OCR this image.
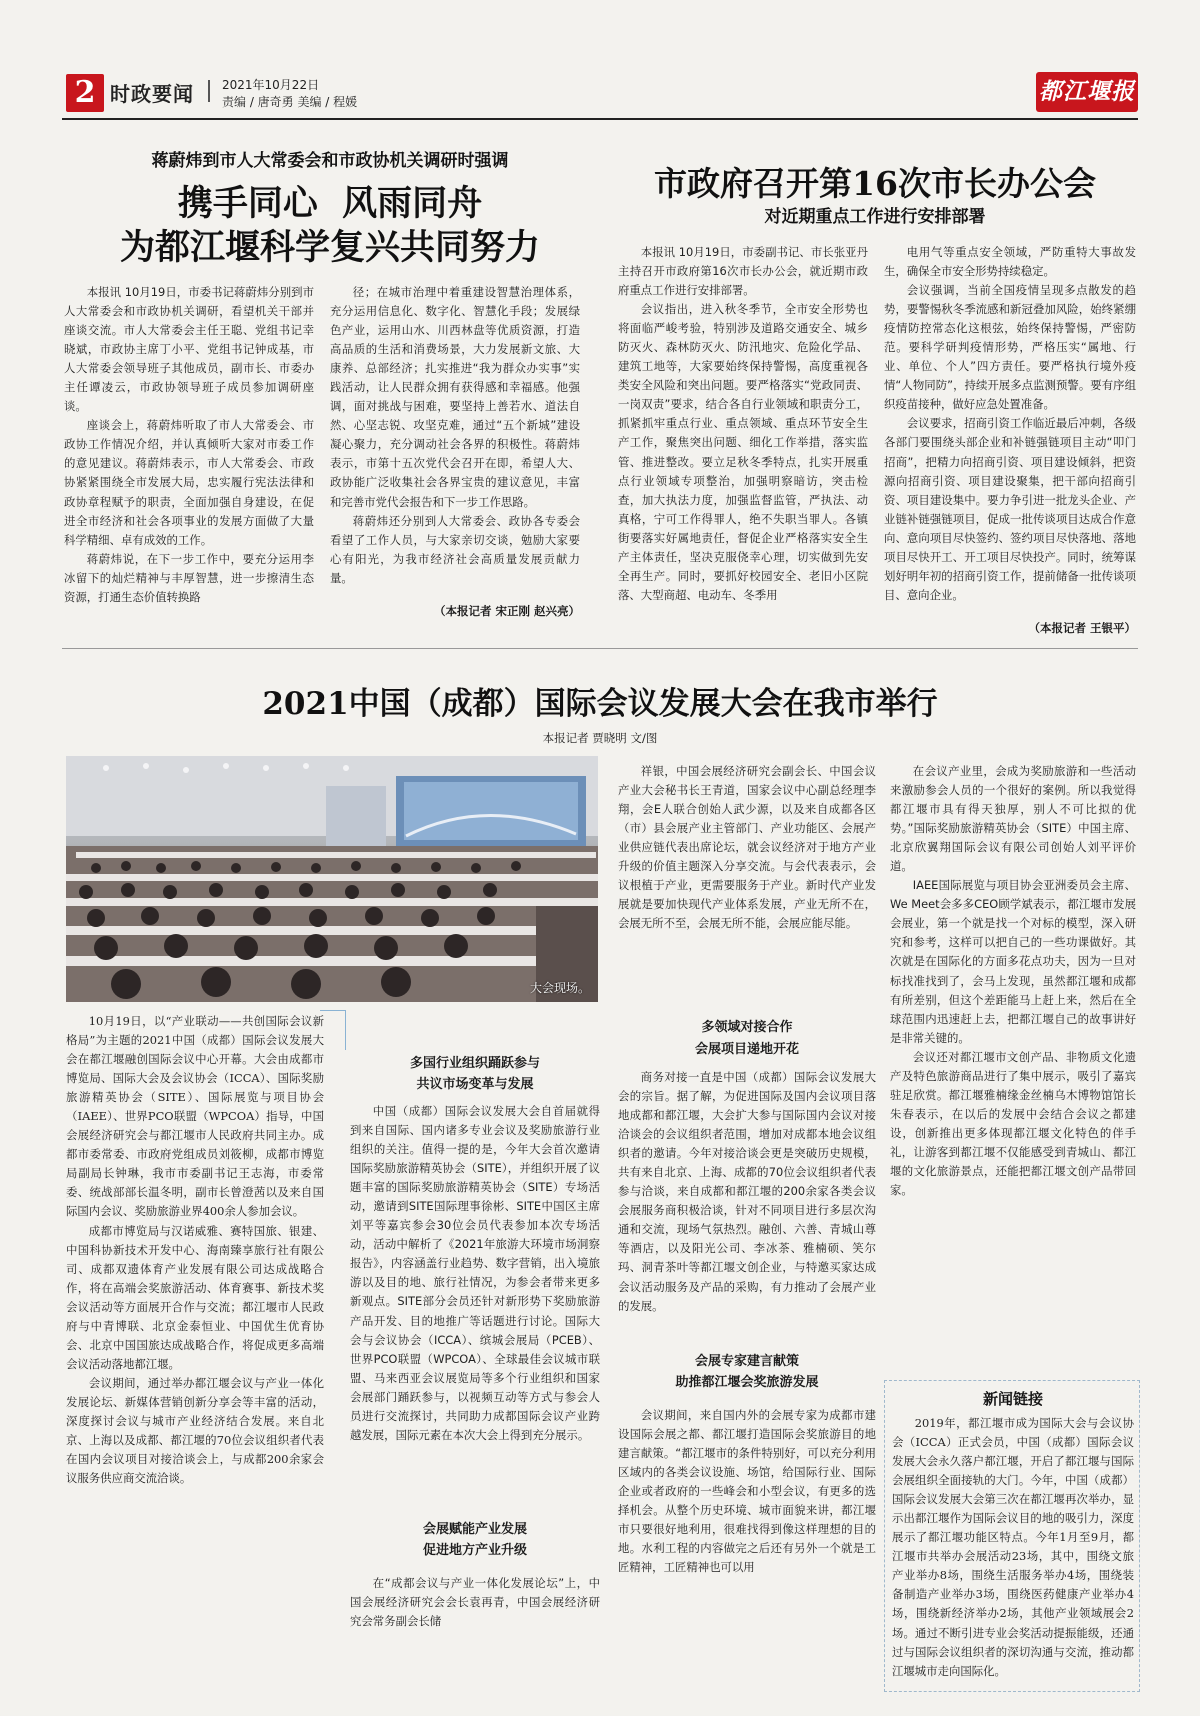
2 时政要闻 2021年10月22日
责编 / 唐奇勇 美编 / 程媛	都江堰报
蒋蔚炜到市人大常委会和市政协机关调研时强调
携手同心  风雨同舟
为都江堰科学复兴共同努力

本报讯 10月19日，市委书记蒋蔚炜分别到市人大常委会和市政协机关调研，看望机关干部并座谈交流。市人大常委会主任王聪、党组书记幸晓斌，市政协主席丁小平、党组书记钟成基，市人大常委会领导班子其他成员，副市长、市委办主任谭凌云，市政协领导班子成员参加调研座谈。

座谈会上，蒋蔚炜听取了市人大常委会、市政协工作情况介绍，并认真倾听大家对市委工作的意见建议。蒋蔚炜表示，市人大常委会、市政协紧紧围绕全市发展大局，忠实履行宪法法律和政协章程赋予的职责，全面加强自身建设，在促进全市经济和社会各项事业的发展方面做了大量科学精细、卓有成效的工作。

蒋蔚炜说，在下一步工作中，要充分运用李冰留下的灿烂精神与丰厚智慧，进一步擦清生态资源，打通生态价值转换路

径；在城市治理中着重建设智慧治理体系，充分运用信息化、数字化、智慧化手段；发展绿色产业，运用山水、川西林盘等优质资源，打造高品质的生活和消费场景，大力发展新文旅、大康养、总部经济；扎实推进“我为群众办实事”实践活动，让人民群众拥有获得感和幸福感。他强调，面对挑战与困难，要坚持上善若水、道法自然、心坚志锐、攻坚克难，通过“五个新城”建设凝心聚力，充分调动社会各界的积极性。蒋蔚炜表示，市第十五次党代会召开在即，希望人大、政协能广泛收集社会各界宝贵的建议意见，丰富和完善市党代会报告和下一步工作思路。

蒋蔚炜还分别到人大常委会、政协各专委会看望了工作人员，与大家亲切交谈，勉励大家要心有阳光，为我市经济社会高质量发展贡献力量。

（本报记者 宋正刚 赵兴亮）
市政府召开第16次市长办公会
对近期重点工作进行安排部署

本报讯 10月19日，市委副书记、市长张亚丹主持召开市政府第16次市长办公会，就近期市政府重点工作进行安排部署。

会议指出，进入秋冬季节，全市安全形势也将面临严峻考验，特别涉及道路交通安全、城乡防灭火、森林防灭火、防汛地灾、危险化学品、建筑工地等，大家要始终保持警惕，高度重视各类安全风险和突出问题。要严格落实“党政同责、一岗双责”要求，结合各自行业领域和职责分工，抓紧抓牢重点行业、重点领域、重点环节安全生产工作，聚焦突出问题、细化工作举措，落实监管、推进整改。要立足秋冬季特点，扎实开展重点行业领域专项整治，加强明察暗访，突击检查，加大执法力度，加强监督监管，严执法、动真格，宁可工作得罪人，绝不失职当罪人。各镇街要落实好属地责任，督促企业严格落实安全生产主体责任，坚决克服侥幸心理，切实做到先安全再生产。同时，要抓好校园安全、老旧小区院落、大型商超、电动车、冬季用

电用气等重点安全领域，严防重特大事故发生，确保全市安全形势持续稳定。

会议强调，当前全国疫情呈现多点散发的趋势，要警惕秋冬季流感和新冠叠加风险，始终紧绷疫情防控常态化这根弦，始终保持警惕，严密防范。要科学研判疫情形势，严格压实“属地、行业、单位、个人”四方责任。要严格执行境外疫情“人物同防”，持续开展多点监测预警。要有序组织疫苗接种，做好应急处置准备。

会议要求，招商引资工作临近最后冲刺，各级各部门要围绕头部企业和补链强链项目主动“叩门招商”，把精力向招商引资、项目建设倾斜，把资源向招商引资、项目建设聚集，把干部向招商引资、项目建设集中。要力争引进一批龙头企业、产业链补链强链项目，促成一批传谈项目达成合作意向、意向项目尽快签约、签约项目尽快落地、落地项目尽快开工、开工项目尽快投产。同时，统筹谋划好明年初的招商引资工作，提前储备一批传谈项目、意向企业。

（本报记者 王银平）
2021中国（成都）国际会议发展大会在我市举行
本报记者 贾晓明 文/图
大会现场。

10月19日，以“产业联动——共创国际会议新格局”为主题的2021中国（成都）国际会议发展大会在都江堰融创国际会议中心开幕。大会由成都市博览局、国际大会及会议协会（ICCA）、国际奖励旅游精英协会（SITE）、国际展览与项目协会（IAEE）、世界PCO联盟（WPCOA）指导，中国会展经济研究会与都江堰市人民政府共同主办。成都市委常委、市政府党组成员刘筱柳，成都市博览局副局长钟琳，我市市委副书记王志海，市委常委、统战部部长温冬明，副市长曾澄茜以及来自国际国内会议、奖励旅游业界400余人参加会议。

成都市博览局与汉诺威雅、赛特国旅、银建、中国科协新技术开发中心、海南臻享旅行社有限公司、成都双遗体育产业发展有限公司达成战略合作，将在高端会奖旅游活动、体育赛事、新技术奖会议活动等方面展开合作与交流；都江堰市人民政府与中青博联、北京金泰恒业、中国优生优育协会、北京中国国旅达成战略合作，将促成更多高端会议活动落地都江堰。

会议期间，通过举办都江堰会议与产业一体化发展论坛、新媒体营销创新分享会等丰富的活动，深度探讨会议与城市产业经济结合发展。来自北京、上海以及成都、都江堰的70位会议组织者代表在国内会议项目对接洽谈会上，与成都200余家会议服务供应商交流洽谈。

多国行业组织踊跃参与
共议市场变革与发展

中国（成都）国际会议发展大会自首届就得到来自国际、国内诸多专业会议及奖励旅游行业组织的关注。值得一提的是，今年大会首次邀请国际奖励旅游精英协会（SITE），并组织开展了议题丰富的国际奖励旅游精英协会（SITE）专场活动，邀请到SITE国际理事徐彬、SITE中国区主席刘平等嘉宾参会30位会员代表参加本次专场活动，活动中解析了《2021年旅游大环境市场洞察报告》，内容涵盖行业趋势、数字营销，出入境旅游以及目的地、旅行社情况，为参会者带来更多新观点。SITE部分会员还针对新形势下奖励旅游产品开发、目的地推广等话题进行讨论。国际大会与会议协会（ICCA）、缤城会展局（PCEB）、世界PCO联盟（WPCOA）、全球最佳会议城市联盟、马来西亚会议展览局等多个行业组织和国家会展部门踊跃参与，以视频互动等方式与参会人员进行交流探讨，共同助力成都国际会议产业跨越发展，国际元素在本次大会上得到充分展示。

会展赋能产业发展
促进地方产业升级

在“成都会议与产业一体化发展论坛”上，中国会展经济研究会会长袁再青，中国会展经济研究会常务副会长储

祥银，中国会展经济研究会副会长、中国会议产业大会秘书长王青道，国家会议中心副总经理李翔，会E人联合创始人武少源，以及来自成都各区（市）县会展产业主管部门、产业功能区、会展产业供应链代表出席论坛，就会议经济对于地方产业升级的价值主题深入分享交流。与会代表表示，会议根植于产业，更需要服务于产业。新时代产业发展就是要加快现代产业体系发展，产业无所不在，会展无所不至，会展无所不能，会展应能尽能。

多领域对接合作
会展项目递地开花

商务对接一直是中国（成都）国际会议发展大会的宗旨。据了解，为促进国际及国内会议项目落地成都和都江堰，大会扩大参与国际国内会议对接洽谈会的会议组织者范围，增加对成都本地会议组织者的邀请。今年对接洽谈会更是突破历史规模，共有来自北京、上海、成都的70位会议组织者代表参与洽谈，来自成都和都江堰的200余家各类会议会展服务商积极洽谈，针对不同项目进行多层次沟通和交流，现场气氛热烈。融创、六善、青城山尊等酒店，以及阳光公司、李冰茶、雅楠硕、笑尔玛、洞青茶叶等都江堰文创企业，与特邀买家达成会议活动服务及产品的采购，有力推动了会展产业的发展。

会展专家建言献策
助推都江堰会奖旅游发展

会议期间，来自国内外的会展专家为成都市建设国际会展之都、都江堰打造国际会奖旅游目的地建言献策。“都江堰市的条件特别好，可以充分利用区域内的各类会议设施、场馆，给国际行业、国际企业或者政府的一些峰会和小型会议，有更多的选择机会。从整个历史环境、城市面貌来讲，都江堰市只要很好地利用，很难找得到像这样理想的目的地。水利工程的内容做完之后还有另外一个就是工匠精神，工匠精神也可以用

在会议产业里，会成为奖励旅游和一些活动来激励参会人员的一个很好的案例。所以我觉得都江堰市具有得天独厚，别人不可比拟的优势。”国际奖励旅游精英协会（SITE）中国主席、北京欣翼翔国际会议有限公司创始人刘平评价道。

IAEE国际展览与项目协会亚洲委员会主席、We Meet会多多CEO顾学斌表示，都江堰市发展会展业，第一个就是找一个对标的模型，深入研究和参考，这样可以把自己的一些功课做好。其次就是在国际化的方面多花点功夫，因为一旦对标找准找到了，会马上发现，虽然都江堰和成都有所差别，但这个差距能马上赶上来，然后在全球范围内迅速赶上去，把都江堰自己的故事讲好是非常关键的。

会议还对都江堰市文创产品、非物质文化遗产及特色旅游商品进行了集中展示，吸引了嘉宾驻足欣赏。都江堰雅楠缘金丝楠乌木博物馆馆长朱春表示，在以后的发展中会结合会议之都建设，创新推出更多体现都江堰文化特色的伴手礼，让游客到都江堰不仅能感受到青城山、都江堰的文化旅游景点，还能把都江堰文创产品带回家。

新闻链接

2019年，都江堰市成为国际大会与会议协会（ICCA）正式会员，中国（成都）国际会议发展大会永久落户都江堰，开启了都江堰与国际会展组织全面接轨的大门。今年，中国（成都）国际会议发展大会第三次在都江堰再次举办，显示出都江堰作为国际会议目的地的吸引力，深度展示了都江堰功能区特点。今年1月至9月，都江堰市共举办会展活动23场，其中，围绕文旅产业举办8场，围绕生活服务举办4场，围绕装备制造产业举办3场，围绕医药健康产业举办4场，围绕新经济举办2场，其他产业领域展会2场。通过不断引进专业会奖活动提振能级，还通过与国际会议组织者的深切沟通与交流，推动都江堰城市走向国际化。
